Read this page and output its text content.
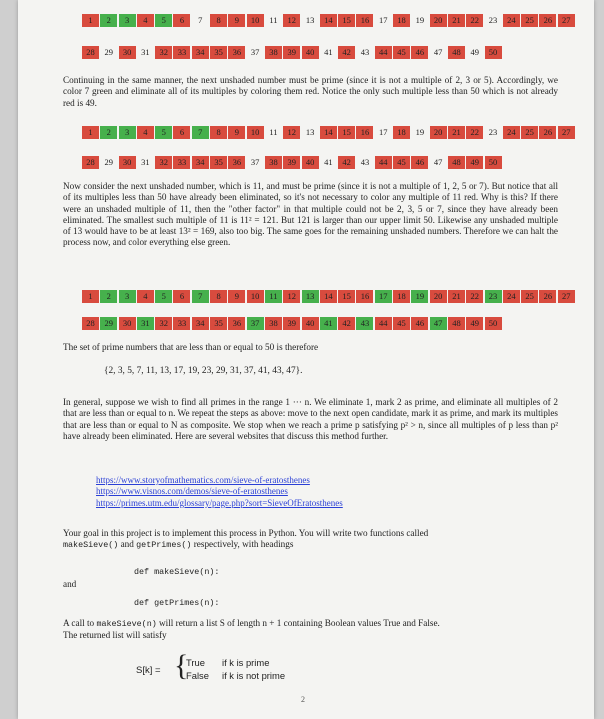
1	2	3	4	5	6	7	8	9	10	11	12	13	14	15	16	17	18	19	20	21	22	23	24	25	26	27
28	29	30	31	32	33	34	35	36	37	38	39	40	41	42	43	44	45	46	47	48	49	50

Continuing in the same manner, the next unshaded number must be prime (since it is not a multiple of 2, 3 or 5). Accordingly, we color 7 green and eliminate all of its multiples by coloring them red. Notice the only such multiple less than 50 which is not already red is 49.

1	2	3	4	5	6	7	8	9	10	11	12	13	14	15	16	17	18	19	20	21	22	23	24	25	26	27
28	29	30	31	32	33	34	35	36	37	38	39	40	41	42	43	44	45	46	47	48	49	50

Now consider the next unshaded number, which is 11, and must be prime (since it is not a multiple of 1, 2, 5 or 7). But notice that all of its multiples less than 50 have already been eliminated, so it's not necessary to color any multiple of 11 red. Why is this? If there were an unshaded multiple of 11, then the "other factor" in that multiple could not be 2, 3, 5 or 7, since they have already been eliminated. The smallest such multiple of 11 is 11² = 121. But 121 is larger than our upper limit 50. Likewise any unshaded multiple of 13 would have to be at least 13² = 169, also too big. The same goes for the remaining unshaded numbers. Therefore we can halt the process now, and color everything else green.

1	2	3	4	5	6	7	8	9	10	11	12	13	14	15	16	17	18	19	20	21	22	23	24	25	26	27
28	29	30	31	32	33	34	35	36	37	38	39	40	41	42	43	44	45	46	47	48	49	50

The set of prime numbers that are less than or equal to 50 is therefore

{2, 3, 5, 7, 11, 13, 17, 19, 23, 29, 31, 37, 41, 43, 47}.

In general, suppose we wish to find all primes in the range 1 ··· n. We eliminate 1, mark 2 as prime, and eliminate all multiples of 2 that are less than or equal to n. We repeat the steps as above: move to the next open candidate, mark it as prime, and mark its multiples that are less than or equal to N as composite. We stop when we reach a prime p satisfying p² > n, since all multiples of p less than p² have already been eliminated. Here are several websites that discuss this method further.

https://www.storyofmathematics.com/sieve-of-eratosthenes
https://www.visnos.com/demos/sieve-of-eratosthenes
https://primes.utm.edu/glossary/page.php?sort=SieveOfEratosthenes

Your goal in this project is to implement this process in Python. You will write two functions called
makeSieve() and getPrimes() respectively, with headings

def makeSieve(n):
and
def getPrimes(n):

A call to makeSieve(n) will return a list S of length n + 1 containing Boolean values True and False.
The returned list will satisfy

S[k] = {
True if k is prime
False if k is not prime
2
